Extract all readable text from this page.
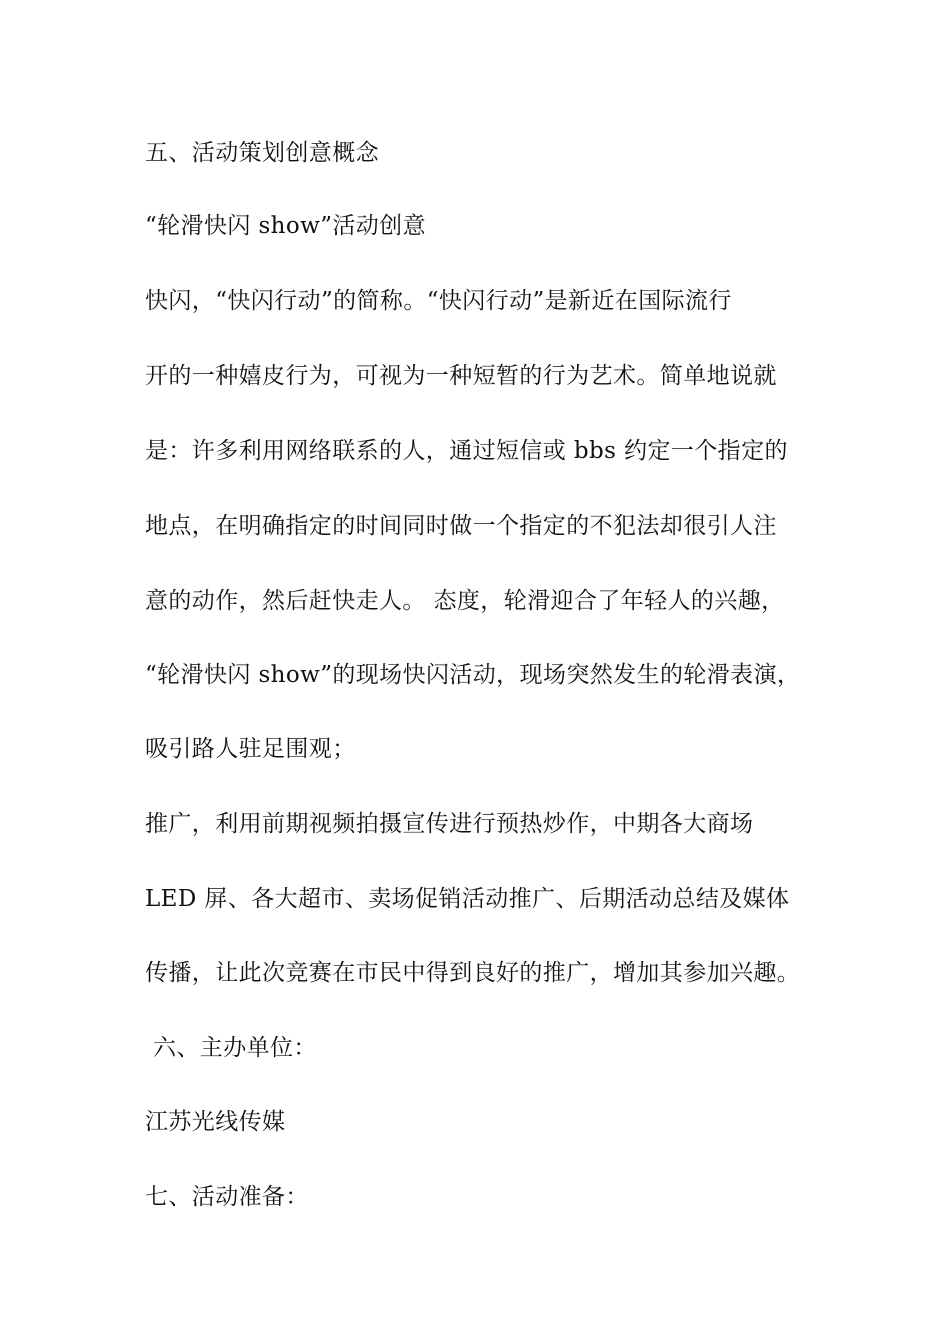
五、活动策划创意概念
“轮滑快闪 show”活动创意
快闪，“快闪行动”的简称。“快闪行动”是新近在国际流行
开的一种嬉皮行为，可视为一种短暂的行为艺术。简单地说就
是：许多利用网络联系的人，通过短信或 bbs 约定一个指定的
地点，在明确指定的时间同时做一个指定的不犯法却很引人注
意的动作，然后赶快走人。 态度，轮滑迎合了年轻人的兴趣，
“轮滑快闪 show”的现场快闪活动，现场突然发生的轮滑表演，
吸引路人驻足围观；
推广，利用前期视频拍摄宣传进行预热炒作，中期各大商场
LED 屏、各大超市、卖场促销活动推广、后期活动总结及媒体
传播，让此次竞赛在市民中得到良好的推广，增加其参加兴趣。
六、主办单位：
江苏光线传媒
七、活动准备：
